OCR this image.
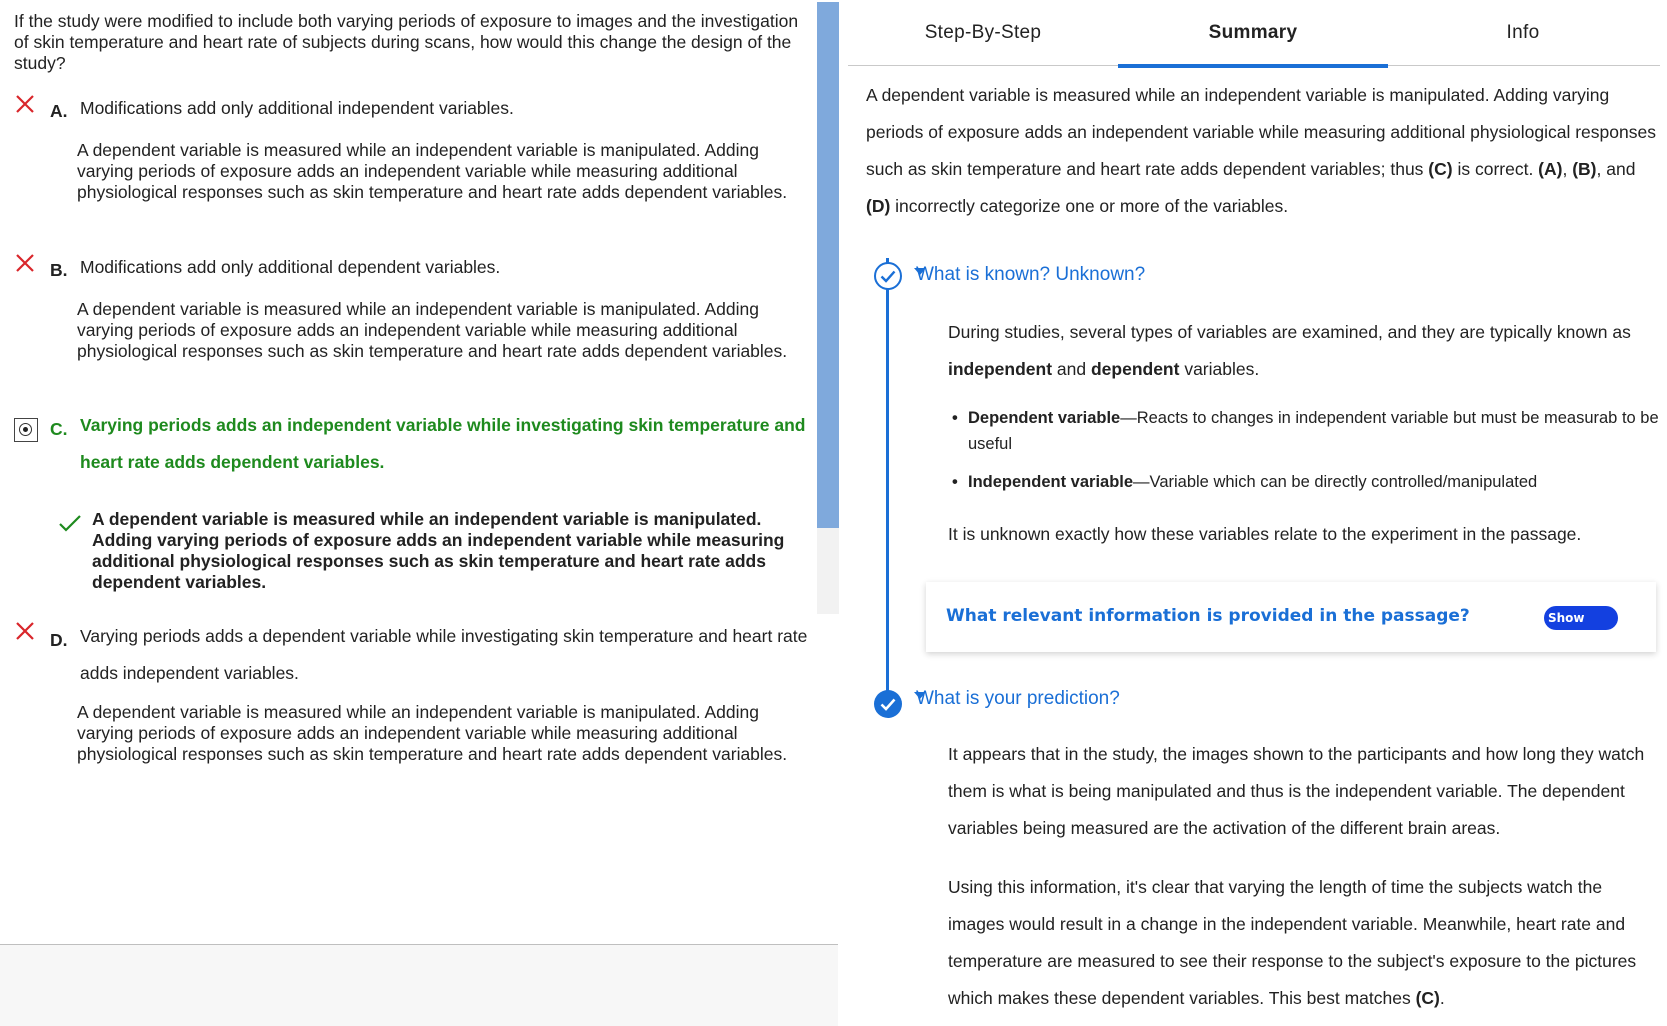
If the study were modified to include both varying periods of exposure to images and the investigation of skin temperature and heart rate of subjects during scans, how would this change the design of the study?
A. Modifications add only additional independent variables.
A dependent variable is measured while an independent variable is manipulated. Adding varying periods of exposure adds an independent variable while measuring additional physiological responses such as skin temperature and heart rate adds dependent variables.
B. Modifications add only additional dependent variables.
A dependent variable is measured while an independent variable is manipulated. Adding varying periods of exposure adds an independent variable while measuring additional physiological responses such as skin temperature and heart rate adds dependent variables.
C. Varying periods adds an independent variable while investigating skin temperature and heart rate adds dependent variables.
A dependent variable is measured while an independent variable is manipulated. Adding varying periods of exposure adds an independent variable while measuring additional physiological responses such as skin temperature and heart rate adds dependent variables.
D. Varying periods adds a dependent variable while investigating skin temperature and heart rate adds independent variables.
A dependent variable is measured while an independent variable is manipulated. Adding varying periods of exposure adds an independent variable while measuring additional physiological responses such as skin temperature and heart rate adds dependent variables.
Step-By-Step	Summary	Info
A dependent variable is measured while an independent variable is manipulated. Adding varying periods of exposure adds an independent variable while measuring additional physiological responses such as skin temperature and heart rate adds dependent variables; thus (C) is correct. (A), (B), and (D) incorrectly categorize one or more of the variables.
What is known? Unknown?
During studies, several types of variables are examined, and they are typically known as independent and dependent variables.
• Dependent variable—Reacts to changes in independent variable but must be measurab to be useful
• Independent variable—Variable which can be directly controlled/manipulated
It is unknown exactly how these variables relate to the experiment in the passage.
What relevant information is provided in the passage?	Show
What is your prediction?
It appears that in the study, the images shown to the participants and how long they watch them is what is being manipulated and thus is the independent variable. The dependent variables being measured are the activation of the different brain areas.
Using this information, it's clear that varying the length of time the subjects watch the images would result in a change in the independent variable. Meanwhile, heart rate and temperature are measured to see their response to the subject's exposure to the pictures which makes these dependent variables. This best matches (C).
